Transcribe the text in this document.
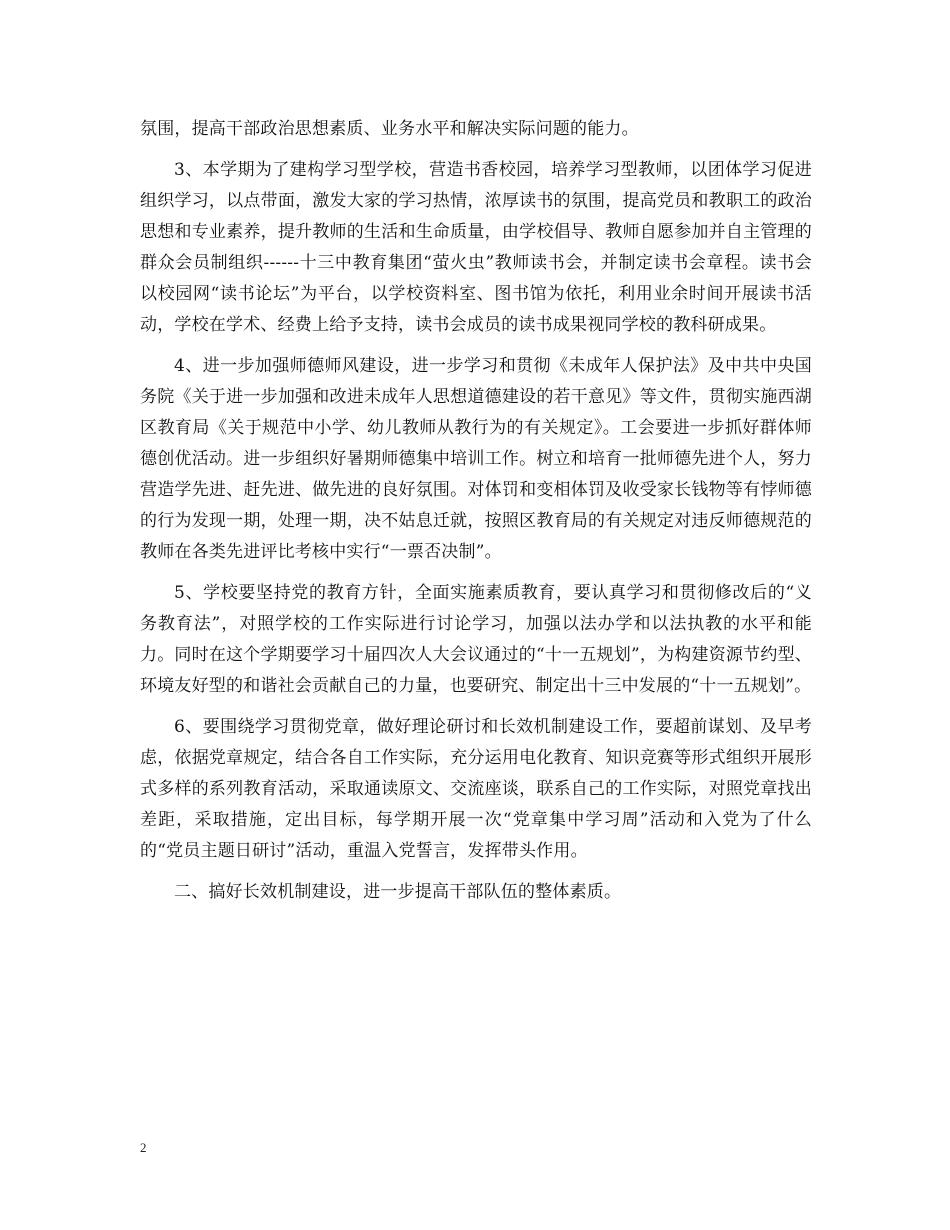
氛围，提高干部政治思想素质、业务水平和解决实际问题的能力。

3、本学期为了建构学习型学校，营造书香校园，培养学习型教师，以团体学习促进组织学习，以点带面，激发大家的学习热情，浓厚读书的氛围，提高党员和教职工的政治思想和专业素养，提升教师的生活和生命质量，由学校倡导、教师自愿参加并自主管理的群众会员制组织------十三中教育集团“萤火虫”教师读书会，并制定读书会章程。读书会以校园网“读书论坛”为平台，以学校资料室、图书馆为依托，利用业余时间开展读书活动，学校在学术、经费上给予支持，读书会成员的读书成果视同学校的教科研成果。

4、进一步加强师德师风建设，进一步学习和贯彻《未成年人保护法》及中共中央国务院《关于进一步加强和改进未成年人思想道德建设的若干意见》等文件，贯彻实施西湖区教育局《关于规范中小学、幼儿教师从教行为的有关规定》。工会要进一步抓好群体师德创优活动。进一步组织好暑期师德集中培训工作。树立和培育一批师德先进个人，努力营造学先进、赶先进、做先进的良好氛围。对体罚和变相体罚及收受家长钱物等有悖师德的行为发现一期，处理一期，决不姑息迁就，按照区教育局的有关规定对违反师德规范的教师在各类先进评比考核中实行“一票否决制”。

5、学校要坚持党的教育方针，全面实施素质教育，要认真学习和贯彻修改后的“义务教育法”，对照学校的工作实际进行讨论学习，加强以法办学和以法执教的水平和能力。同时在这个学期要学习十届四次人大会议通过的“十一五规划”，为构建资源节约型、环境友好型的和谐社会贡献自己的力量，也要研究、制定出十三中发展的“十一五规划”。

6、要围绕学习贯彻党章，做好理论研讨和长效机制建设工作，要超前谋划、及早考虑，依据党章规定，结合各自工作实际，充分运用电化教育、知识竞赛等形式组织开展形式多样的系列教育活动，采取通读原文、交流座谈，联系自己的工作实际，对照党章找出差距，采取措施，定出目标，每学期开展一次“党章集中学习周”活动和入党为了什么的“党员主题日研讨”活动，重温入党誓言，发挥带头作用。

二、搞好长效机制建设，进一步提高干部队伍的整体素质。

2
